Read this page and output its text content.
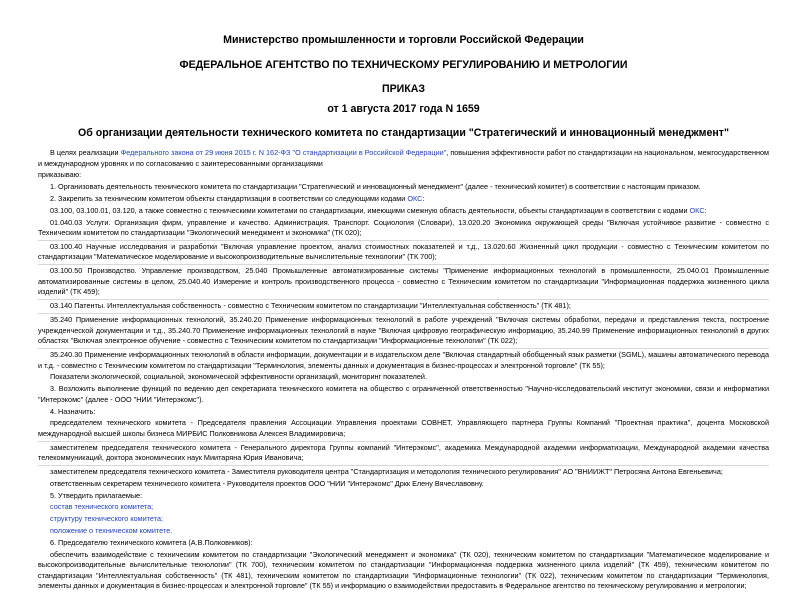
Министерство промышленности и торговли Российской Федерации
ФЕДЕРАЛЬНОЕ АГЕНТСТВО ПО ТЕХНИЧЕСКОМУ РЕГУЛИРОВАНИЮ И МЕТРОЛОГИИ
ПРИКАЗ
от 1 августа 2017 года N 1659
Об организации деятельности технического комитета по стандартизации "Стратегический и инновационный менеджмент"

В целях реализации Федерального закона от 29 июня 2015 г. N 162-ФЗ "О стандартизации в Российской Федерации", повышения эффективности работ по стандартизации на национальном, межгосударственном и международном уровнях и по согласованию с заинтересованными организациями

приказываю:

1. Организовать деятельность технического комитета по стандартизации "Стратегический и инновационный менеджмент" (далее - технический комитет) в соответствии с настоящим приказом.

2. Закрепить за техническим комитетом объекты стандартизации в соответствии со следующими кодами ОКС:

03.100, 03.100.01, 03.120, а также совместно с техническими комитетами по стандартизации, имеющими смежную область деятельности, объекты стандартизации в соответствии с кодами ОКС:

01.040.03 Услуги. Организация фирм, управление и качество. Администрация. Транспорт. Социология (Словари), 13.020.20 Экономика окружающей среды "Включая устойчивое развитие - совместно с Техническим комитетом по стандартизации "Экологический менеджмент и экономика" (ТК 020);

03.100.40 Научные исследования и разработки "Включая управление проектом, анализ стоимостных показателей и т.д., 13.020.60 Жизненный цикл продукции - совместно с Техническим комитетом по стандартизации "Математическое моделирование и высокопроизводительные вычислительные технологии" (ТК 700);

03.100.50 Производство. Управление производством, 25.040 Промышленные автоматизированные системы "Применение информационных технологий в промышленности, 25.040.01 Промышленные автоматизированные системы в целом, 25.040.40 Измерение и контроль производственного процесса - совместно с Техническим комитетом по стандартизации "Информационная поддержка жизненного цикла изделий" (ТК 459);

03.140 Патенты. Интеллектуальная собственность - совместно с Техническим комитетом по стандартизации "Интеллектуальная собственность" (ТК 481);

35.240 Применение информационных технологий, 35.240.20 Применение информационных технологий в работе учреждений "Включая системы обработки, передачи и представления текста, построение учрежденческой документации и т.д., 35.240.70 Применение информационных технологий в науке "Включая цифровую географическую информацию, 35.240.99 Применение информационных технологий в других областях "Включая электронное обучение - совместно с Техническим комитетом по стандартизации "Информационные технологии" (ТК 022);

35.240.30 Применение информационных технологий в области информации, документации и в издательском деле "Включая стандартный обобщенный язык разметки (SGML), машины автоматического перевода и т.д. - совместно с Техническим комитетом по стандартизации "Терминология, элементы данных и документация в бизнес-процессах и электронной торговле" (ТК 55);

Показатели экологической, социальной, экономической эффективности организаций, мониторинг показателей.

3. Возложить выполнение функций по ведению дел секретариата технического комитета на общество с ограниченной ответственностью "Научно-исследовательский институт экономики, связи и информатики "Интерэкомс" (далее - ООО "НИИ "Интерэкомс").

4. Назначить:

председателем технического комитета - Председателя правления Ассоциации Управления проектами СОВНЕТ, Управляющего партнера Группы Компаний "Проектная практика", доцента Московской международной высшей школы бизнеса МИРБИС Полковникова Алексея Владимировича;

заместителем председателя технического комитета - Генерального директора Группы компаний "Интерэкомс", академика Международной академии информатизации, Международной академии качества телекоммуникаций, доктора экономических наук Миитаряна Юрия Ивановича;

заместителем председателя технического комитета - Заместителя руководителя центра "Стандартизация и методология технического регулирования" АО "ВНИИЖТ" Петросяна Антона Евгеньевича;

ответственным секретарем технического комитета - Руководителя проектов ООО "НИИ "Интерэкомс" Дркк Елену Вячеславовну.

5. Утвердить прилагаемые:

состав технического комитета;

структуру технического комитета;

положение о техническом комитете.

6. Председателю технического комитета (А.В.Полковников):

обеспечить взаимодействие с техническим комитетом по стандартизации "Экологический менеджмент и экономика" (ТК 020), техническим комитетом по стандартизации "Математическое моделирование и высокопроизводительные вычислительные технологии" (ТК 700), техническим комитетом по стандартизации "Информационная поддержка жизненного цикла изделий" (ТК 459), техническим комитетом по стандартизации "Интеллектуальная собственность" (ТК 481), техническим комитетом по стандартизации "Информационные технологии" (ТК 022), техническим комитетом по стандартизации "Терминология, элементы данных и документация в бизнес-процессах и электронной торговле" (ТК 55) и информацию о взаимодействии предоставить в Федеральное агентство по техническому регулированию и метрологии;
